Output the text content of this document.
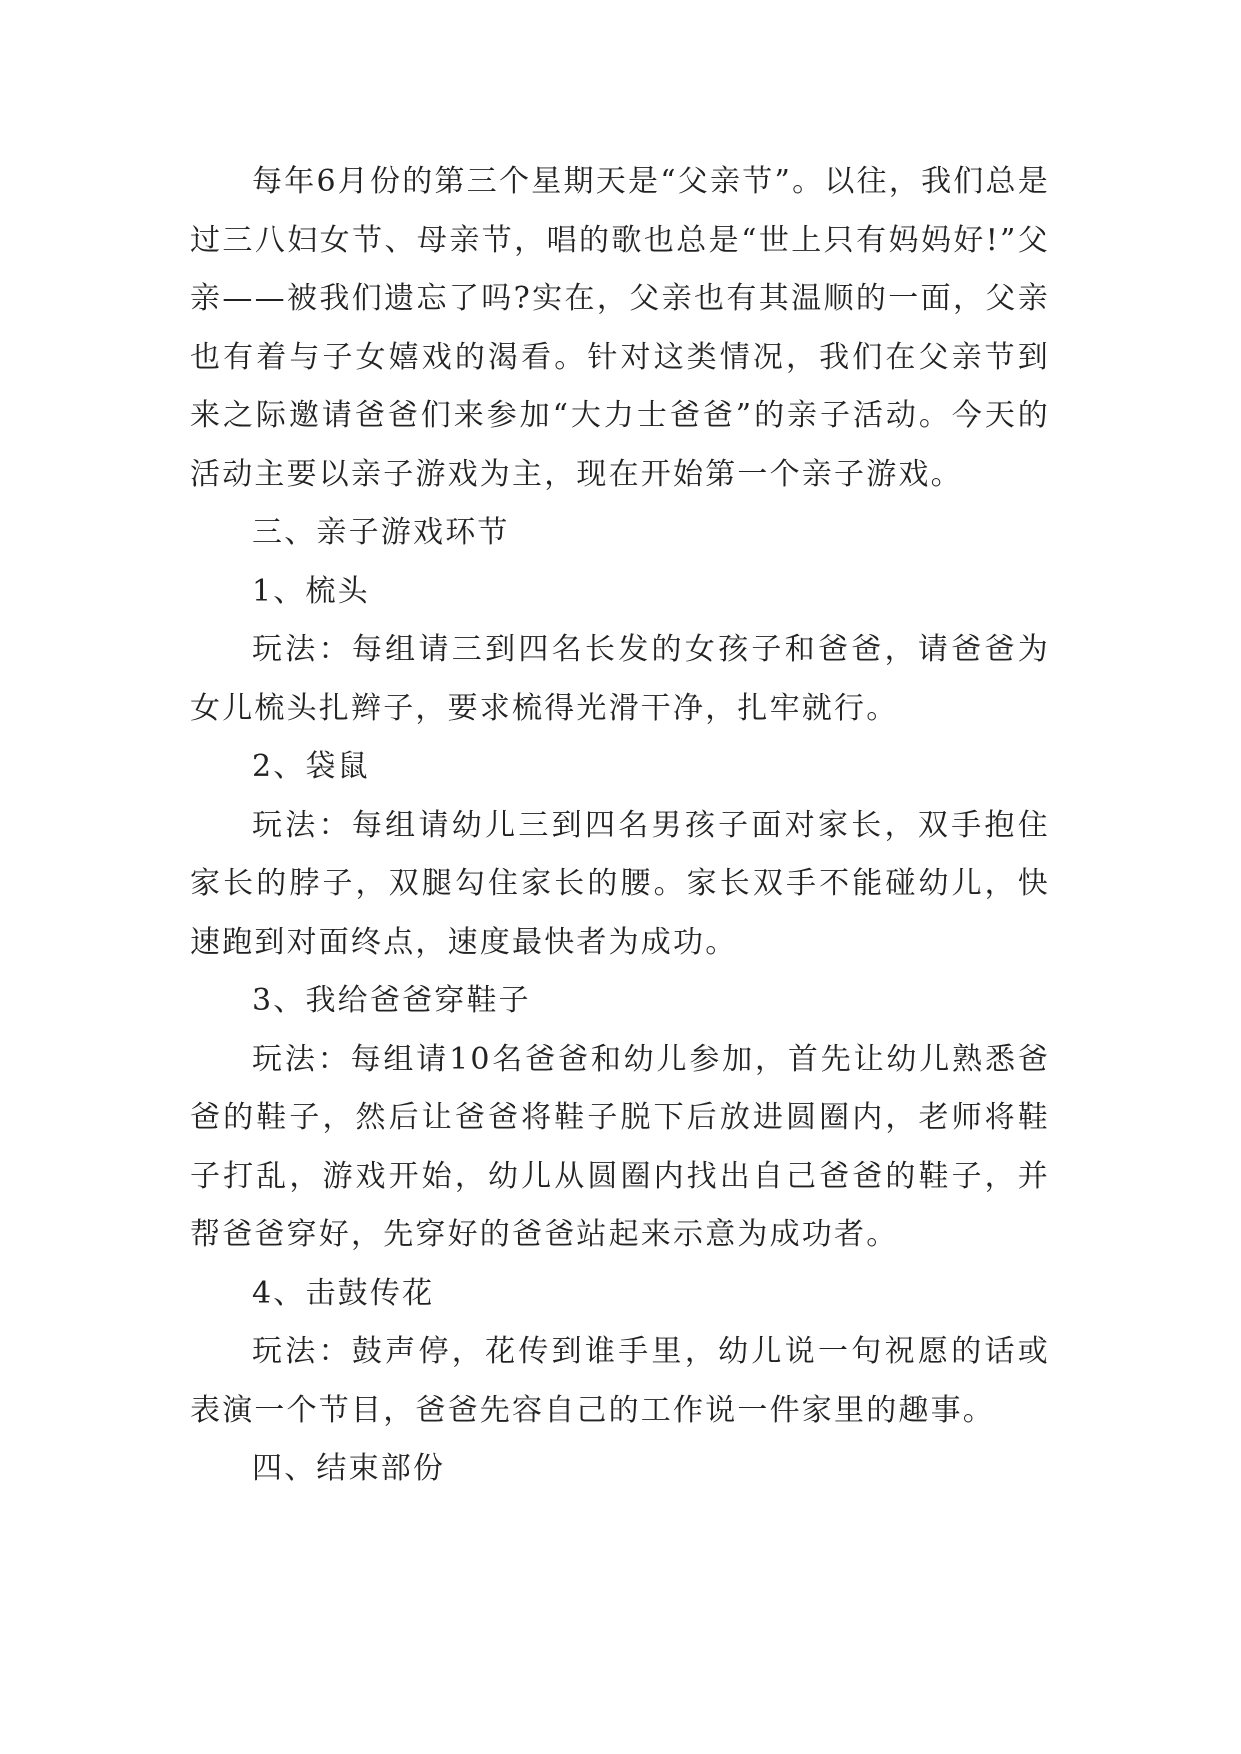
每年6月份的第三个星期天是“父亲节”。以往，我们总是过三八妇女节、母亲节，唱的歌也总是“世上只有妈妈好!”父亲——被我们遗忘了吗?实在，父亲也有其温顺的一面，父亲也有着与子女嬉戏的渴看。针对这类情况，我们在父亲节到来之际邀请爸爸们来参加“大力士爸爸”的亲子活动。今天的活动主要以亲子游戏为主，现在开始第一个亲子游戏。

三、亲子游戏环节

1、梳头

玩法：每组请三到四名长发的女孩子和爸爸，请爸爸为女儿梳头扎辫子，要求梳得光滑干净，扎牢就行。

2、袋鼠

玩法：每组请幼儿三到四名男孩子面对家长，双手抱住家长的脖子，双腿勾住家长的腰。家长双手不能碰幼儿，快速跑到对面终点，速度最快者为成功。

3、我给爸爸穿鞋子

玩法：每组请10名爸爸和幼儿参加，首先让幼儿熟悉爸爸的鞋子，然后让爸爸将鞋子脱下后放进圆圈内，老师将鞋子打乱，游戏开始，幼儿从圆圈内找出自己爸爸的鞋子，并帮爸爸穿好，先穿好的爸爸站起来示意为成功者。

4、击鼓传花

玩法：鼓声停，花传到谁手里，幼儿说一句祝愿的话或表演一个节目，爸爸先容自己的工作说一件家里的趣事。

四、结束部份
